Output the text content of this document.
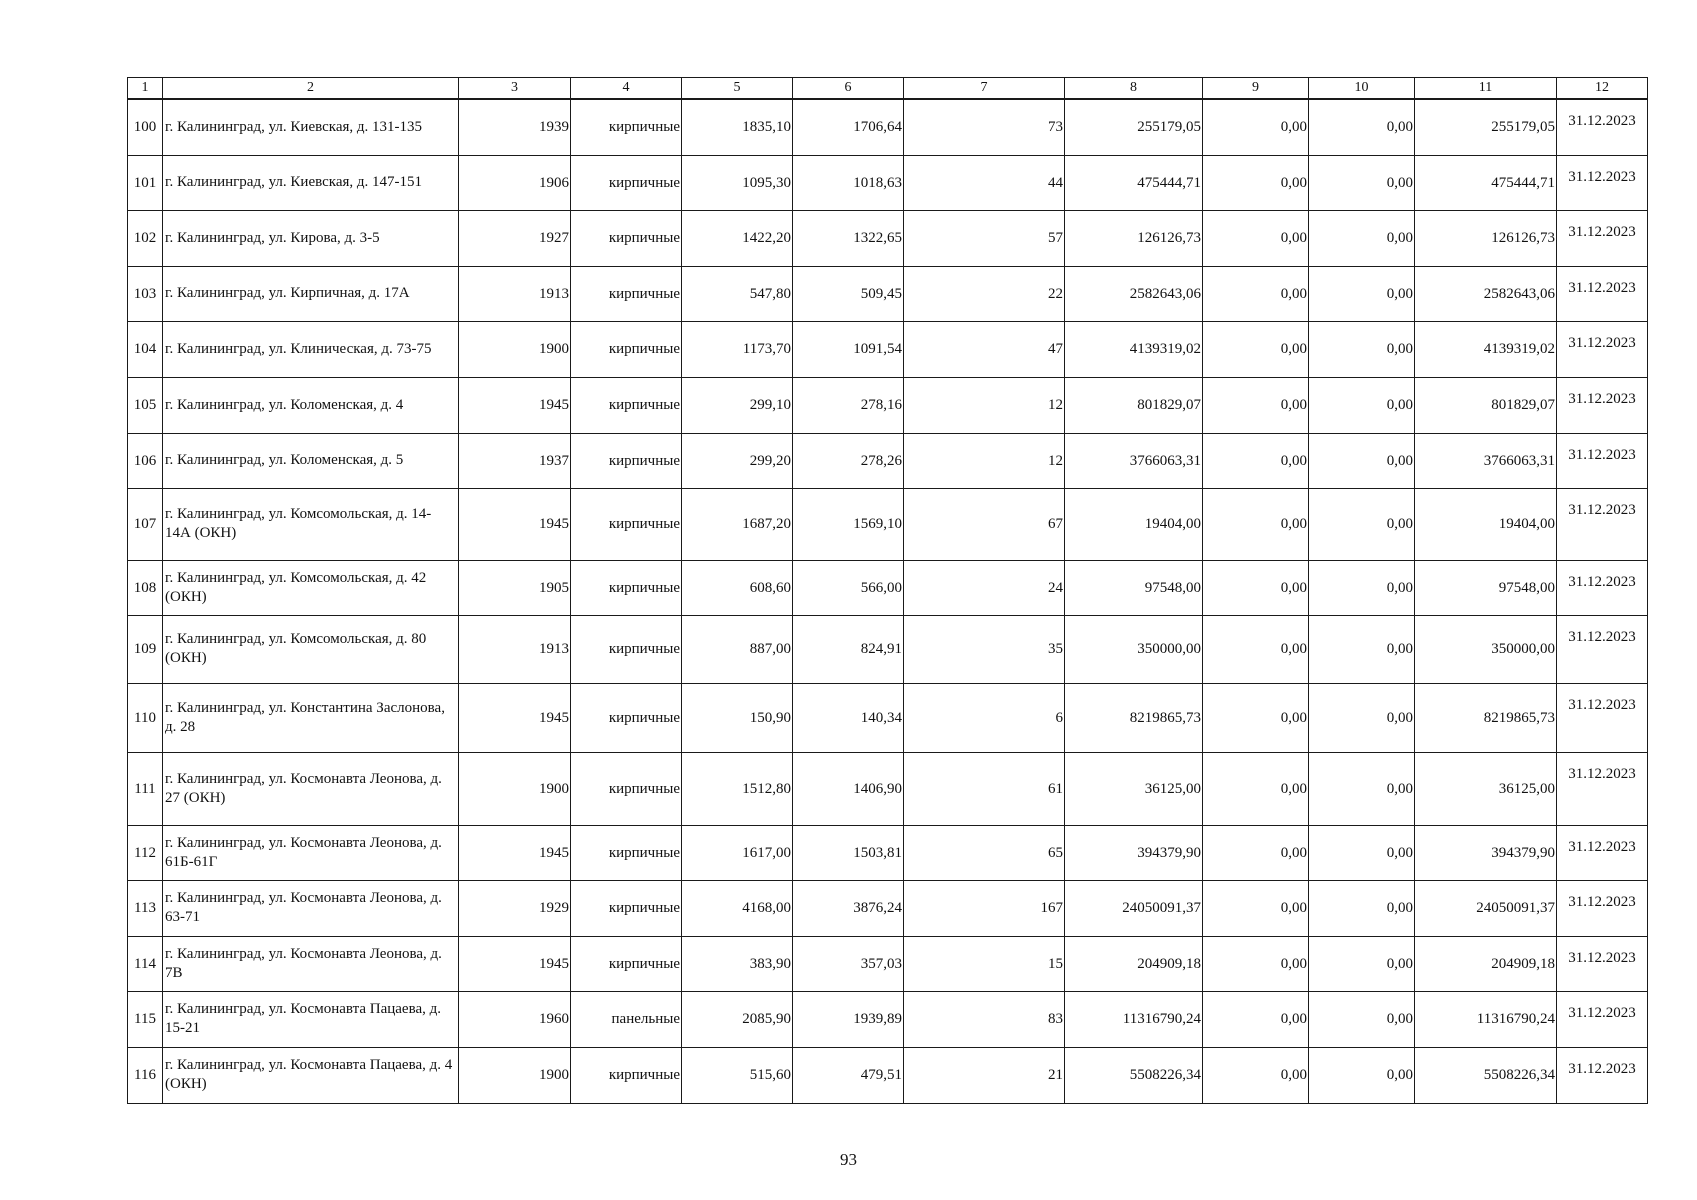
1	2	3	4	5	6	7	8	9	10	11	12
100	г. Калининград, ул. Киевская, д. 131-135	1939	кирпичные	1835,10	1706,64	73	255179,05	0,00	0,00	255179,05	31.12.2023
101	г. Калининград, ул. Киевская, д. 147-151	1906	кирпичные	1095,30	1018,63	44	475444,71	0,00	0,00	475444,71	31.12.2023
102	г. Калининград, ул. Кирова, д. 3-5	1927	кирпичные	1422,20	1322,65	57	126126,73	0,00	0,00	126126,73	31.12.2023
103	г. Калининград, ул. Кирпичная, д. 17А	1913	кирпичные	547,80	509,45	22	2582643,06	0,00	0,00	2582643,06	31.12.2023
104	г. Калининград, ул. Клиническая, д. 73-75	1900	кирпичные	1173,70	1091,54	47	4139319,02	0,00	0,00	4139319,02	31.12.2023
105	г. Калининград, ул. Коломенская, д. 4	1945	кирпичные	299,10	278,16	12	801829,07	0,00	0,00	801829,07	31.12.2023
106	г. Калининград, ул. Коломенская, д. 5	1937	кирпичные	299,20	278,26	12	3766063,31	0,00	0,00	3766063,31	31.12.2023
107	г. Калининград, ул. Комсомольская, д. 14-14А (ОКН)	1945	кирпичные	1687,20	1569,10	67	19404,00	0,00	0,00	19404,00	31.12.2023
108	г. Калининград, ул. Комсомольская, д. 42 (ОКН)	1905	кирпичные	608,60	566,00	24	97548,00	0,00	0,00	97548,00	31.12.2023
109	г. Калининград, ул. Комсомольская, д. 80 (ОКН)	1913	кирпичные	887,00	824,91	35	350000,00	0,00	0,00	350000,00	31.12.2023
110	г. Калининград, ул. Константина Заслонова, д. 28	1945	кирпичные	150,90	140,34	6	8219865,73	0,00	0,00	8219865,73	31.12.2023
111	г. Калининград, ул. Космонавта Леонова, д. 27 (ОКН)	1900	кирпичные	1512,80	1406,90	61	36125,00	0,00	0,00	36125,00	31.12.2023
112	г. Калининград, ул. Космонавта Леонова, д. 61Б-61Г	1945	кирпичные	1617,00	1503,81	65	394379,90	0,00	0,00	394379,90	31.12.2023
113	г. Калининград, ул. Космонавта Леонова, д. 63-71	1929	кирпичные	4168,00	3876,24	167	24050091,37	0,00	0,00	24050091,37	31.12.2023
114	г. Калининград, ул. Космонавта Леонова, д. 7В	1945	кирпичные	383,90	357,03	15	204909,18	0,00	0,00	204909,18	31.12.2023
115	г. Калининград, ул. Космонавта Пацаева, д. 15-21	1960	панельные	2085,90	1939,89	83	11316790,24	0,00	0,00	11316790,24	31.12.2023
116	г. Калининград, ул. Космонавта Пацаева, д. 4 (ОКН)	1900	кирпичные	515,60	479,51	21	5508226,34	0,00	0,00	5508226,34	31.12.2023
93
